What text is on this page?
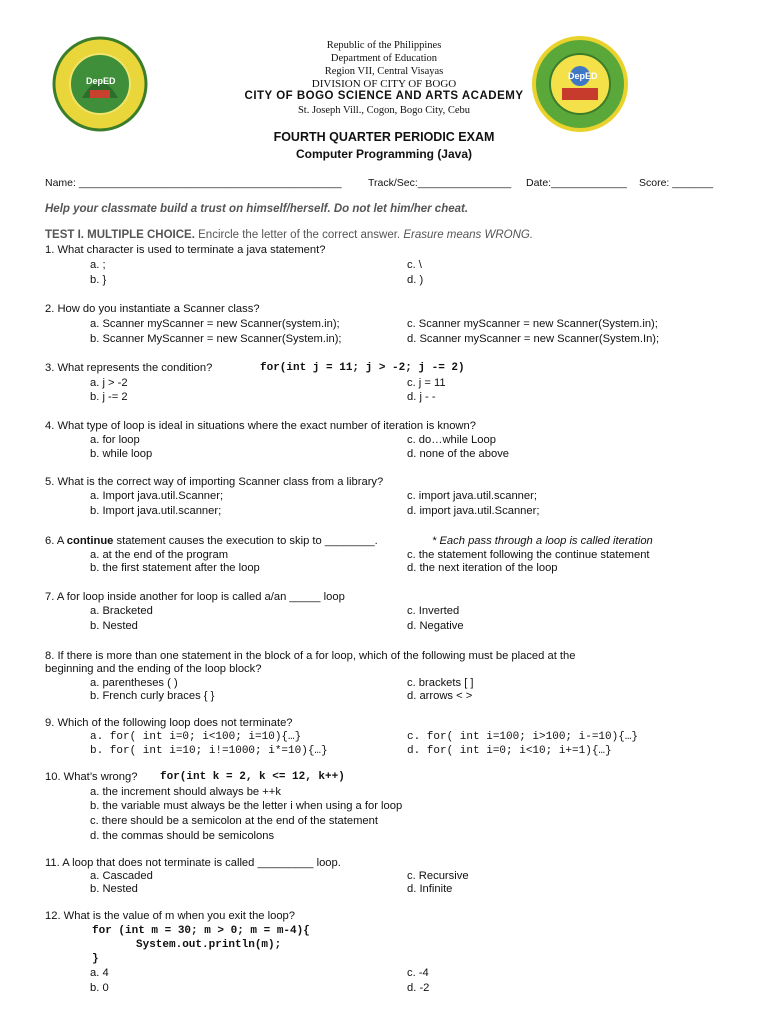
DepED	DepED
Republic of the Philippines
Department of Education
Region VII, Central Visayas
DIVISION OF CITY OF BOGO
CITY OF BOGO SCIENCE AND ARTS ACADEMY
St. Joseph Vill., Cogon, Bogo City, Cebu
FOURTH QUARTER PERIODIC EXAM
Computer Programming (Java)
Name: _____________________________________________	Track/Sec:________________ Date:_____________ Score: _______
Help your classmate build a trust on himself/herself. Do not let him/her cheat.
TEST I. MULTIPLE CHOICE. Encircle the letter of the correct answer. Erasure means WRONG.
1. What character is used to terminate a java statement?
a. ;
b. }
c. \
d. )
2. How do you instantiate a Scanner class?
a. Scanner myScanner = new Scanner(system.in);
b. Scanner MyScanner = new Scanner(System.in);
c. Scanner myScanner = new Scanner(System.in);
d. Scanner myScanner = new Scanner(System.In);
3. What represents the condition?	for(int j = 11; j > -2; j -= 2)
a. j > -2
b. j -= 2
c. j = 11
d. j - -
4. What type of loop is ideal in situations where the exact number of iteration is known?
a. for loop
b. while loop
c. do…while Loop
d. none of the above
5. What is the correct way of importing Scanner class from a library?
a. Import java.util.Scanner;
b. Import java.util.scanner;
c. import java.util.scanner;
d. import java.util.Scanner;
6. A continue statement causes the execution to skip to ________.	* Each pass through a loop is called iteration
a. at the end of the program
b. the first statement after the loop
c. the statement following the continue statement
d. the next iteration of the loop
7. A for loop inside another for loop is called a/an _____ loop
a. Bracketed
b. Nested
c. Inverted
d. Negative
8. If there is more than one statement in the block of a for loop, which of the following must be placed at the
beginning and the ending of the loop block?
a. parentheses ( )
b. French curly braces { }
c. brackets [ ]
d. arrows < >
9. Which of the following loop does not terminate?
a. for( int i=0; i<100; i=10){…}
b. for( int i=10; i!=1000; i*=10){…}
c. for( int i=100; i>100; i-=10){…}
d. for( int i=0; i<10; i+=1){…}
10. What’s wrong? for(int k = 2, k <= 12, k++)
a. the increment should always be ++k
b. the variable must always be the letter i when using a for loop
c. there should be a semicolon at the end of the statement
d. the commas should be semicolons
11. A loop that does not terminate is called _________ loop.
a. Cascaded
b. Nested
c. Recursive
d. Infinite
12. What is the value of m when you exit the loop?
for (int m = 30; m > 0; m = m-4){
System.out.println(m);
}
a. 4
b. 0
c. -4
d. -2
